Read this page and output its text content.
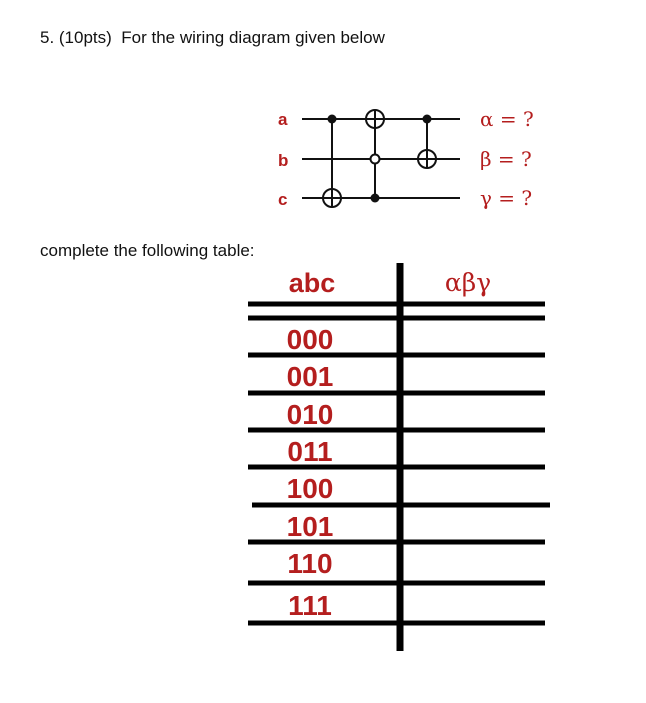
5. (10pts)  For the wiring diagram given below
a
b
c
α = ?
β = ?
γ = ?
complete the following table:
abc	αβγ
000
001
010
011
100
101
110
111
